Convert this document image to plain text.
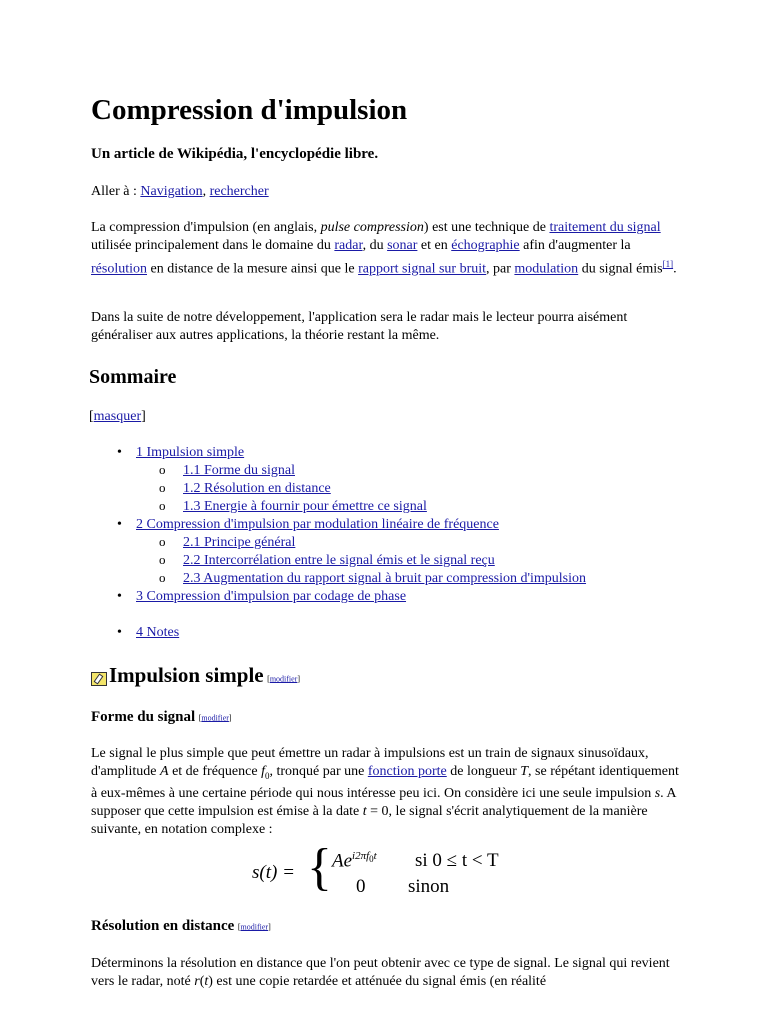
Compression d'impulsion
Un article de Wikipédia, l'encyclopédie libre.
Aller à : Navigation, rechercher

La compression d'impulsion (en anglais, pulse compression) est une technique de traitement du signal utilisée principalement dans le domaine du radar, du sonar et en échographie afin d'augmenter la résolution en distance de la mesure ainsi que le rapport signal sur bruit, par modulation du signal émis[1].

Dans la suite de notre développement, l'application sera le radar mais le lecteur pourra aisément généraliser aux autres applications, la théorie restant la même.

Sommaire
[masquer]
• 1 Impulsion simple
o 1.1 Forme du signal
o 1.2 Résolution en distance
o 1.3 Energie à fournir pour émettre ce signal
• 2 Compression d'impulsion par modulation linéaire de fréquence
o 2.1 Principe général
o 2.2 Intercorrélation entre le signal émis et le signal reçu
o 2.3 Augmentation du rapport signal à bruit par compression d'impulsion
• 3 Compression d'impulsion par codage de phase
• 4 Notes
Impulsion simple [modifier]
Forme du signal [modifier]

Le signal le plus simple que peut émettre un radar à impulsions est un train de signaux sinusoïdaux, d'amplitude A et de fréquence $f_0$, tronqué par une fonction porte de longueur T, se répétant identiquement à eux-mêmes à une certaine période qui nous intéresse peu ici. On considère ici une seule impulsion s. A supposer que cette impulsion est émise à la date t = 0, le signal s'écrit analytiquement de la manière suivante, en notation complexe :

s(t) = { $Ae^{i2\pi f_0t}$ si 0 ≤ t < T
0 sinon
Résolution en distance [modifier]

Déterminons la résolution en distance que l'on peut obtenir avec ce type de signal. Le signal qui revient vers le radar, noté r(t) est une copie retardée et atténuée du signal émis (en réalité
